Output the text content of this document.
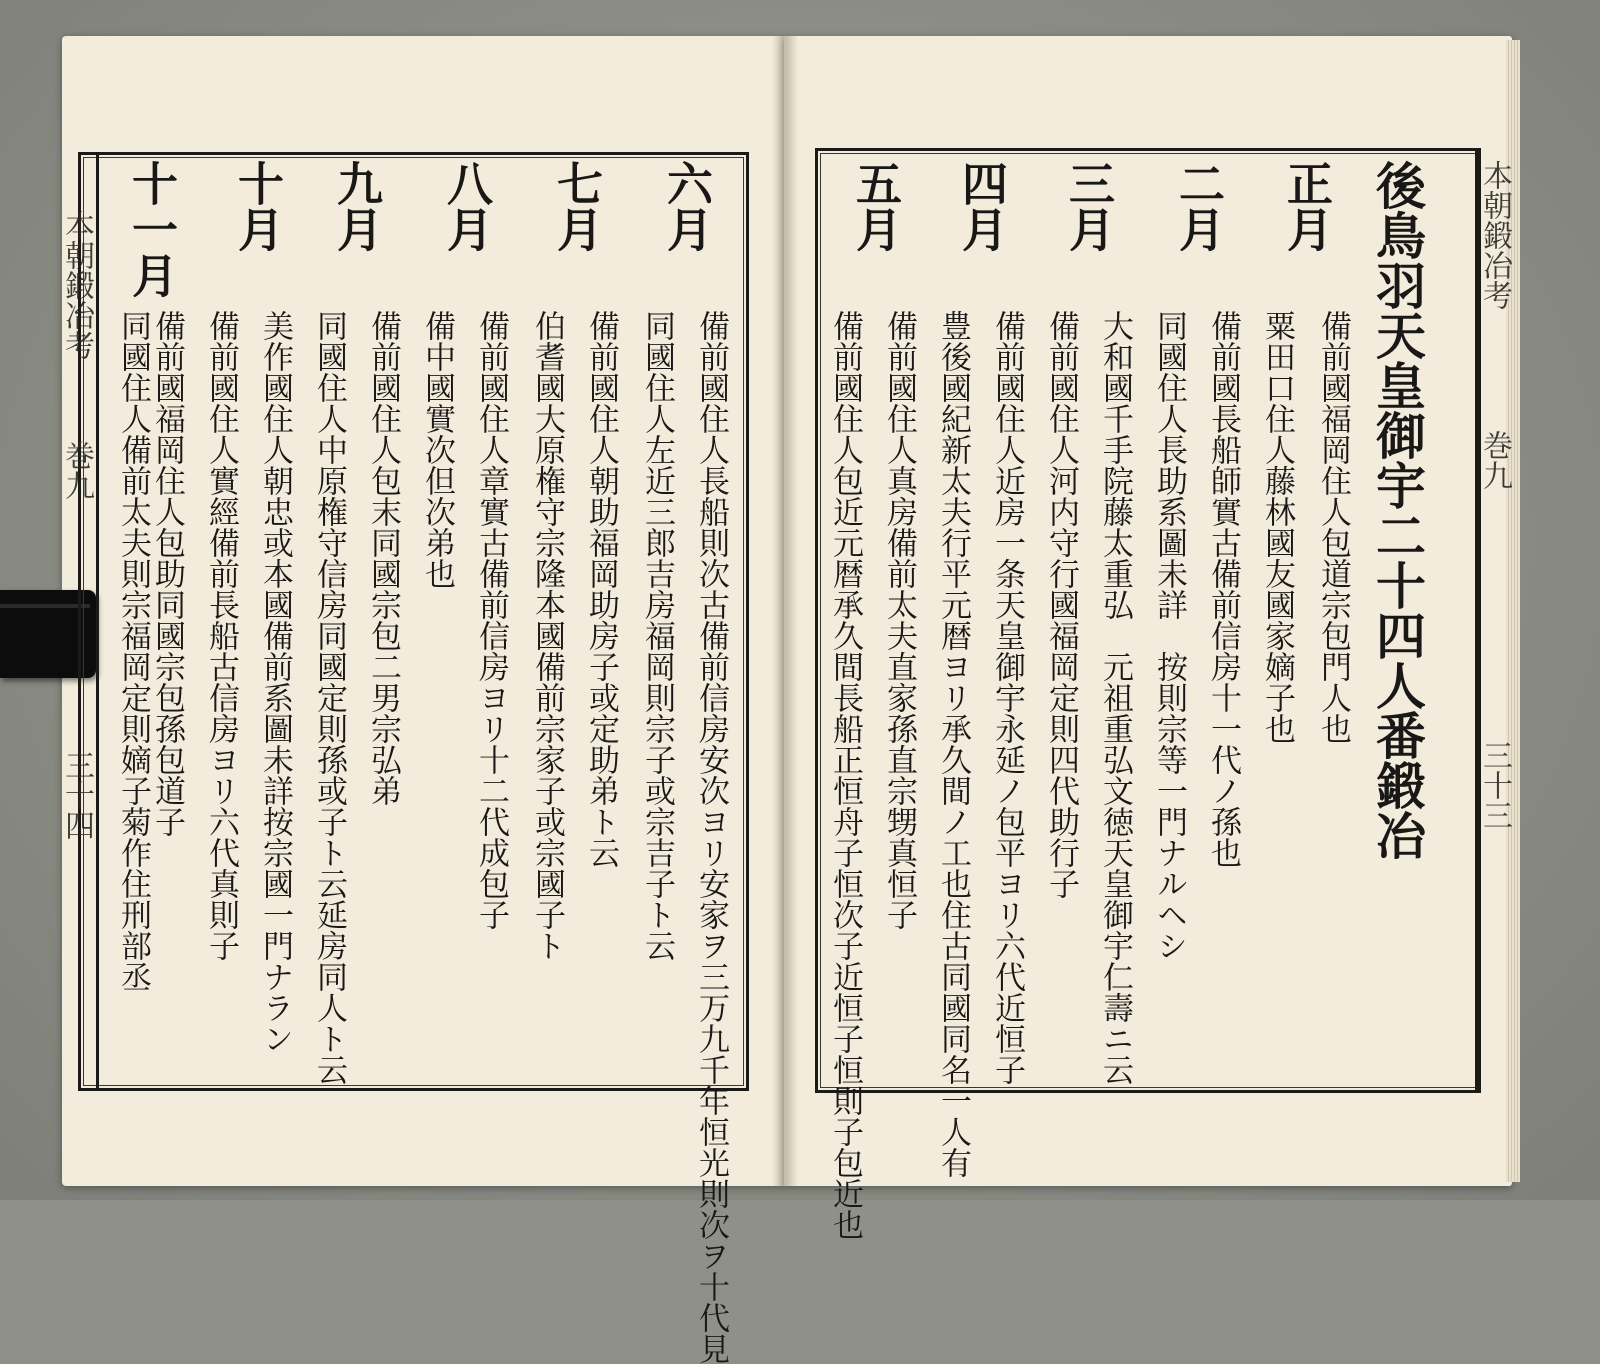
本朝鍛冶考
巻九
三十三
後鳥羽天皇御宇二十四人番鍛冶
正月
二月
三月
四月
五月
備前國福岡住人包道宗包門人也
粟田口住人藤林國友國家嫡子也
備前國長船師實古備前信房十一代ノ孫也
同國住人長助系圖未詳　按則宗等一門ナルヘシ
大和國千手院藤太重弘　元祖重弘文徳天皇御宇仁壽ニ云
備前國住人河内守行國福岡定則四代助行子
備前國住人近房一条天皇御宇永延ノ包平ヨリ六代近恒子
豊後國紀新太夫行平元暦ヨリ承久間ノ工也住古同國同名一人有
備前國住人真房備前太夫直家孫直宗甥真恒子
備前國住人包近元暦承久間長船正恒舟子恒次子近恒子恒則子包近也
本朝鍛冶考
巻九
三十四
六月
七月
八月
九月
十月
十一月
備前國住人長船則次古備前信房安次ヨリ安家ヲ三万九千年恒光則次ヲ十代見
同國住人左近三郎吉房福岡則宗子或宗吉子ト云
備前國住人朝助福岡助房子或定助弟ト云
伯耆國大原権守宗隆本國備前宗家子或宗國子ト
備前國住人章實古備前信房ヨリ十二代成包子
備中國實次但次弟也
備前國住人包末同國宗包二男宗弘弟
同國住人中原権守信房同國定則孫或子ト云延房同人ト云
美作國住人朝忠或本國備前系圖未詳按宗國一門ナラン
備前國住人實經備前長船古信房ヨリ六代真則子
備前國福岡住人包助同國宗包孫包道子
同國住人備前太夫則宗福岡定則嫡子菊作住刑部丞
